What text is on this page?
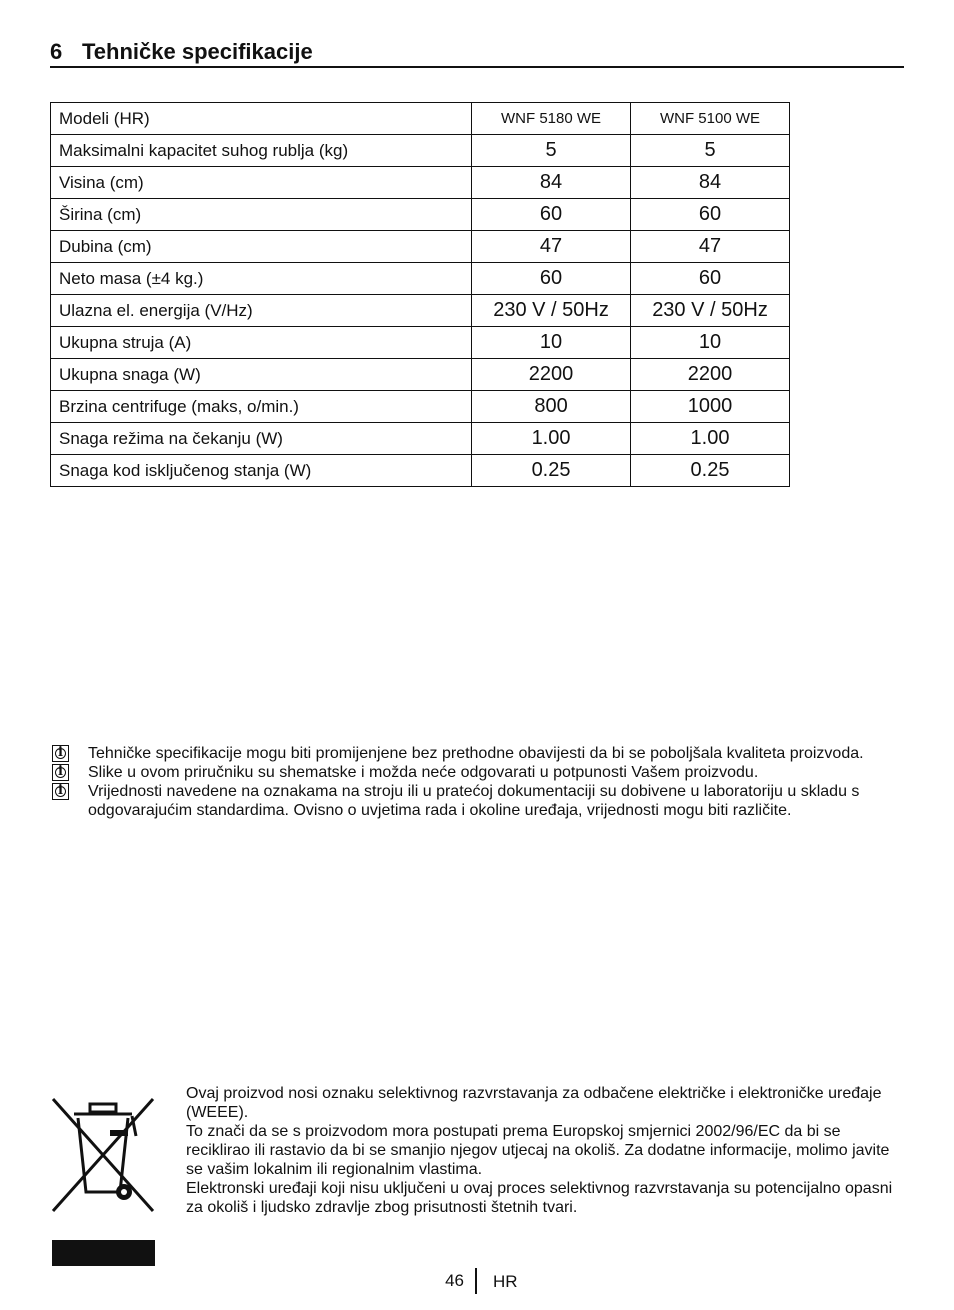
6 Tehničke specifikacije
Modeli (HR)	WNF 5180 WE	WNF 5100 WE
Maksimalni kapacitet suhog rublja (kg)	5	5
Visina (cm)	84	84
Širina (cm)	60	60
Dubina (cm)	47	47
Neto masa (±4 kg.)	60	60
Ulazna el. energija (V/Hz)	230 V / 50Hz	230 V / 50Hz
Ukupna struja (A)	10	10
Ukupna snaga (W)	2200	2200
Brzina centrifuge (maks, o/min.)	800	1000
Snaga režima na čekanju (W)	1.00	1.00
Snaga kod isključenog stanja (W)	0.25	0.25
i	Tehničke specifikacije mogu biti promijenjene bez prethodne obavijesti da bi se poboljšala kvaliteta proizvoda.
i	Slike u ovom priručniku su shematske i možda neće odgovarati u potpunosti Vašem proizvodu.
i	Vrijednosti navedene na oznakama na stroju ili u pratećoj dokumentaciji su dobivene u laboratoriju u skladu s odgovarajućim standardima. Ovisno o uvjetima rada i okoline uređaja, vrijednosti mogu biti različite.
Ovaj proizvod nosi oznaku selektivnog razvrstavanja za odbačene električke i elektroničke uređaje (WEEE).
To znači da se s proizvodom mora postupati prema Europskoj smjernici 2002/96/EC da bi se reciklirao ili rastavio da bi se smanjio njegov utjecaj na okoliš. Za dodatne informacije, molimo javite se vašim lokalnim ili regionalnim vlastima.
Elektronski uređaji koji nisu uključeni u ovaj proces selektivnog razvrstavanja su potencijalno opasni za okoliš i ljudsko zdravlje zbog prisutnosti štetnih tvari.
46 HR
